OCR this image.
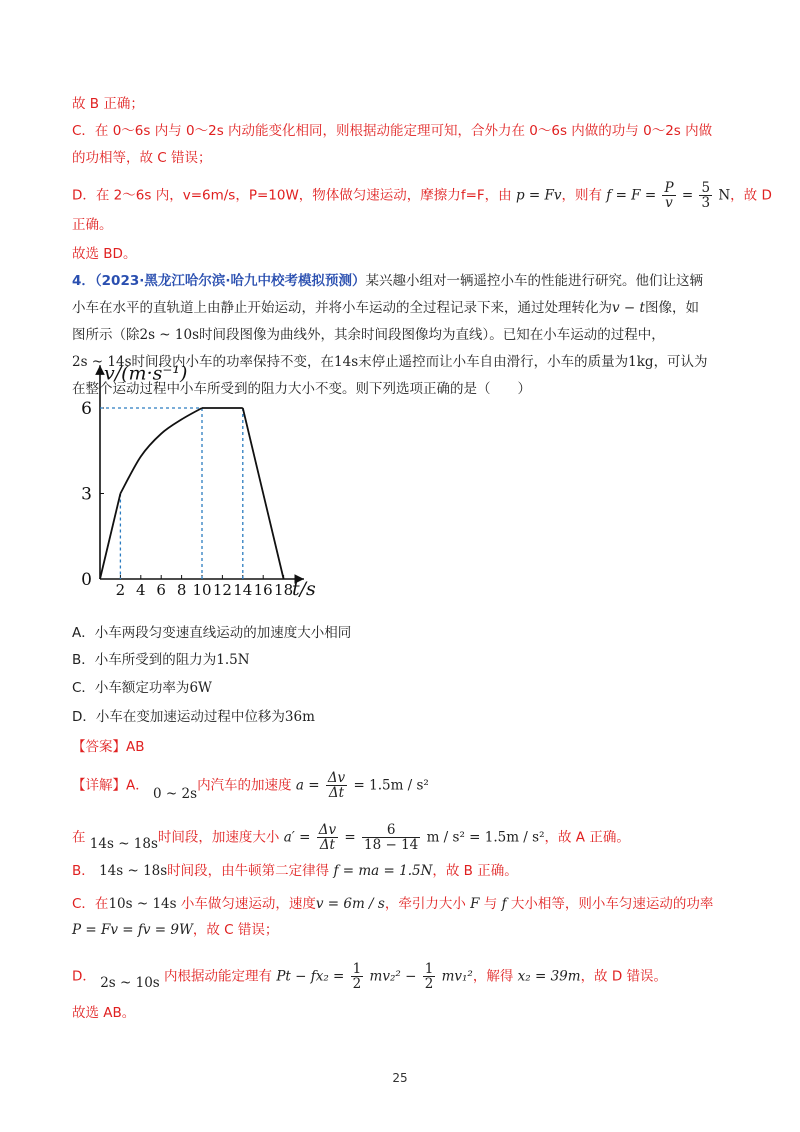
故 B 正确；
C．在 0～6s 内与 0～2s 内动能变化相同，则根据动能定理可知，合外力在 0～6s 内做的功与 0～2s 内做
的功相等，故 C 错误；
D．在 2～6s 内，v=6m/s，P=10W，物体做匀速运动，摩擦力f=F，由 p = Fv，则有 $f = F = \frac{P}{v} = \frac{5}{3}$ N，故 D
正确。
故选 BD。
4．（2023·黑龙江哈尔滨·哈九中校考模拟预测）某兴趣小组对一辆遥控小车的性能进行研究。他们让这辆
小车在水平的直轨道上由静止开始运动，并将小车运动的全过程记录下来，通过处理转化为v − t图像，如
图所示（除2s ~ 10s时间段图像为曲线外，其余时间段图像均为直线）。已知在小车运动的过程中，
2s ~ 14s时间段内小车的功率保持不变，在14s末停止遥控而让小车自由滑行，小车的质量为1kg，可认为
在整个运动过程中小车所受到的阻力大小不变。则下列选项正确的是（　　）
2 4 6 8 10 12 14 16 18
3
6
0
v/(m·s⁻¹)
t/s
A．小车两段匀变速直线运动的加速度大小相同
B．小车所受到的阻力为1.5N
C．小车额定功率为6W
D．小车在变加速运动过程中位移为36m
【答案】AB
【详解】A． 0 ~ 2s内汽车的加速度 $a = \frac{\Delta v}{\Delta t} = 1.5m / s^2$
在 14s ~ 18s时间段，加速度大小 $a' = \frac{\Delta v}{\Delta t} = \frac{6}{18 - 14}$ m / s² = 1.5m / s²，故 A 正确。
B． 14s ~ 18s时间段，由牛顿第二定律得 f = ma = 1.5N，故 B 正确。
C．在10s ~ 14s 小车做匀速运动，速度v = 6m / s，牵引力大小 F 与 f 大小相等，则小车匀速运动的功率
P = Fv = fv = 9W，故 C 错误；
D． 2s ~ 10s 内根据动能定理有 $Pt - fx_2 = \frac{1}{2} mv_2^2 - \frac{1}{2} mv_1^2$，解得 x₂ = 39m，故 D 错误。
故选 AB。
25
